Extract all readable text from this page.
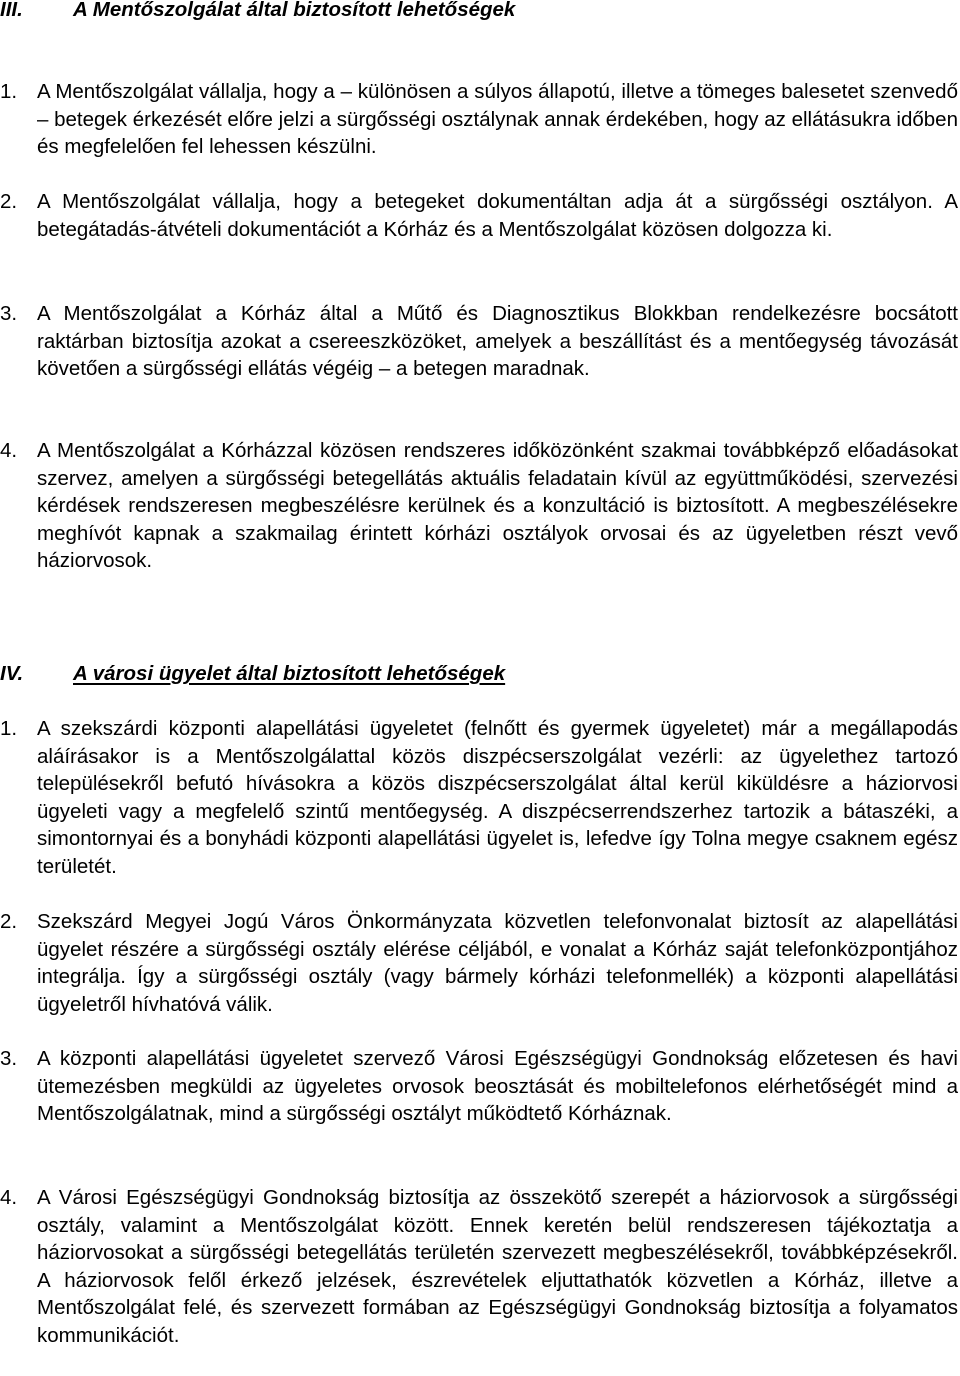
III. A Mentőszolgálat által biztosított lehetőségek
1. A Mentőszolgálat vállalja, hogy a – különösen a súlyos állapotú, illetve a tömeges balesetet szenvedő – betegek érkezését előre jelzi a sürgősségi osztálynak annak érdekében, hogy az ellátásukra időben és megfelelően fel lehessen készülni.
2. A Mentőszolgálat vállalja, hogy a betegeket dokumentáltan adja át a sürgősségi osztályon. A betegátadás-átvételi dokumentációt a Kórház és a Mentőszolgálat közösen dolgozza ki.
3. A Mentőszolgálat a Kórház által a Műtő és Diagnosztikus Blokkban rendelkezésre bocsátott raktárban biztosítja azokat a csereeszközöket, amelyek a beszállítást és a mentőegység távozását követően a sürgősségi ellátás végéig – a betegen maradnak.
4. A Mentőszolgálat a Kórházzal közösen rendszeres időközönként szakmai továbbképző előadásokat szervez, amelyen a sürgősségi betegellátás aktuális feladatain kívül az együttműködési, szervezési kérdések rendszeresen megbeszélésre kerülnek és a konzultáció is biztosított. A megbeszélésekre meghívót kapnak a szakmailag érintett kórházi osztályok orvosai és az ügyeletben részt vevő háziorvosok.
IV. A városi ügyelet által biztosított lehetőségek
1. A szekszárdi központi alapellátási ügyeletet (felnőtt és gyermek ügyeletet) már a megállapodás aláírásakor is a Mentőszolgálattal közös diszpécserszolgálat vezérli: az ügyelethez tartozó településekről befutó hívásokra a közös diszpécserszolgálat által kerül kiküldésre a háziorvosi ügyeleti vagy a megfelelő szintű mentőegység. A diszpécserrendszerhez tartozik a bátaszéki, a simontornyai és a bonyhádi központi alapellátási ügyelet is, lefedve így Tolna megye csaknem egész területét.
2. Szekszárd Megyei Jogú Város Önkormányzata közvetlen telefonvonalat biztosít az alapellátási ügyelet részére a sürgősségi osztály elérése céljából, e vonalat a Kórház saját telefonközpontjához integrálja. Így a sürgősségi osztály (vagy bármely kórházi telefonmellék) a központi alapellátási ügyeletről hívhatóvá válik.
3. A központi alapellátási ügyeletet szervező Városi Egészségügyi Gondnokság előzetesen és havi ütemezésben megküldi az ügyeletes orvosok beosztását és mobiltelefonos elérhetőségét mind a Mentőszolgálatnak, mind a sürgősségi osztályt működtető Kórháznak.
4. A Városi Egészségügyi Gondnokság biztosítja az összekötő szerepét a háziorvosok a sürgősségi osztály, valamint a Mentőszolgálat között. Ennek keretén belül rendszeresen tájékoztatja a háziorvosokat a sürgősségi betegellátás területén szervezett megbeszélésekről, továbbképzésekről. A háziorvosok felől érkező jelzések, észrevételek eljuttathatók közvetlen a Kórház, illetve a Mentőszolgálat felé, és szervezett formában az Egészségügyi Gondnokság biztosítja a folyamatos kommunikációt.
